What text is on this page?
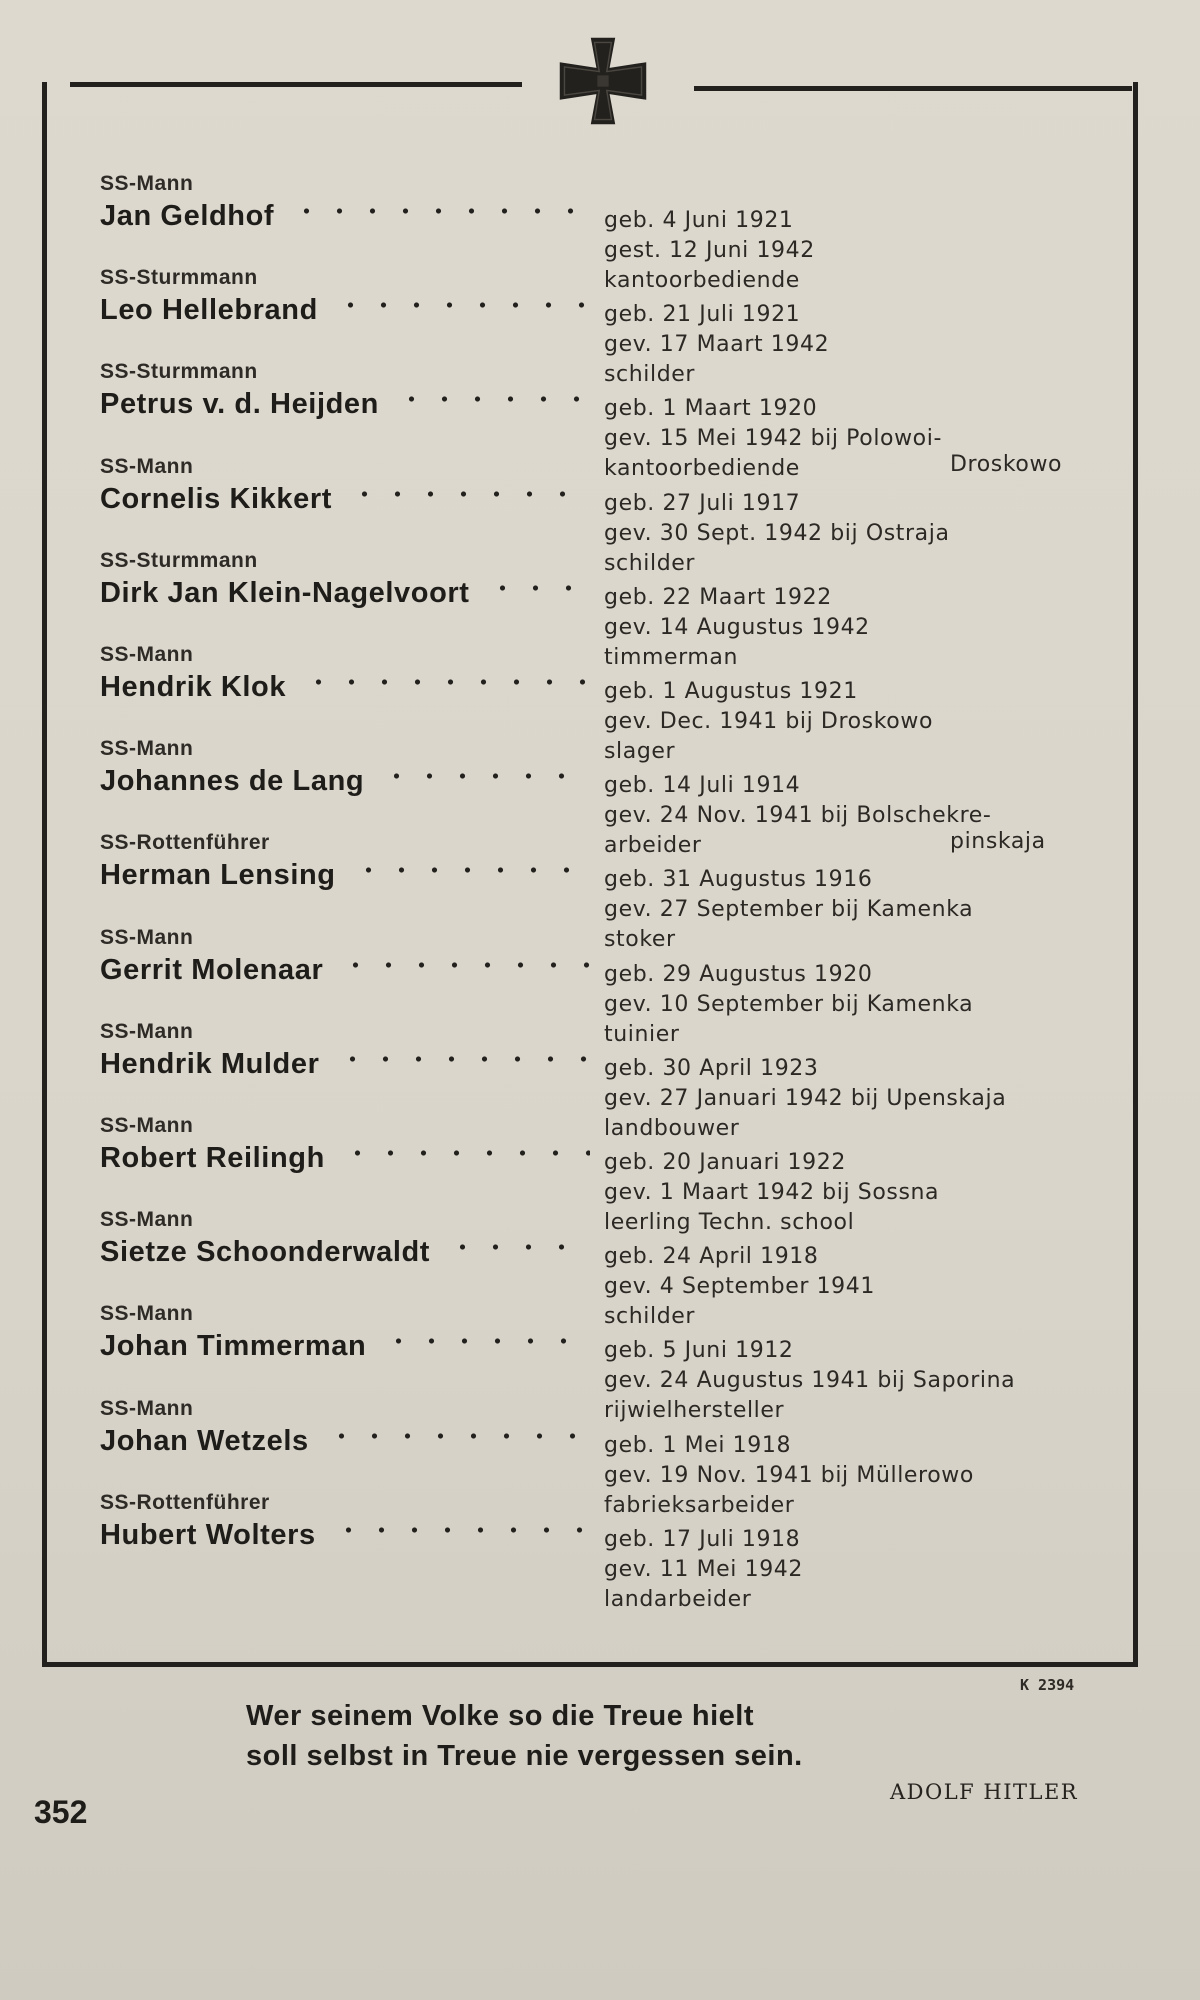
SS-Mann
Jan Geldhof	geb. 4 Juni 1921
gest. 12 Juni 1942
kantoorbediende
SS-Sturmmann
Leo Hellebrand	geb. 21 Juli 1921
gev. 17 Maart 1942
schilder
SS-Sturmmann
Petrus v. d. Heijden	geb. 1 Maart 1920
gev. 15 Mei 1942 bij Polowoi-
kantoorbediende	Droskowo
SS-Mann
Cornelis Kikkert	geb. 27 Juli 1917
gev. 30 Sept. 1942 bij Ostraja
schilder
SS-Sturmmann
Dirk Jan Klein-Nagelvoort	geb. 22 Maart 1922
gev. 14 Augustus 1942
timmerman
SS-Mann
Hendrik Klok	geb. 1 Augustus 1921
gev. Dec. 1941 bij Droskowo
slager
SS-Mann
Johannes de Lang	geb. 14 Juli 1914
gev. 24 Nov. 1941 bij Bolschekre-
arbeider	pinskaja
SS-Rottenführer
Herman Lensing	geb. 31 Augustus 1916
gev. 27 September bij Kamenka
stoker
SS-Mann
Gerrit Molenaar	geb. 29 Augustus 1920
gev. 10 September bij Kamenka
tuinier
SS-Mann
Hendrik Mulder	geb. 30 April 1923
gev. 27 Januari 1942 bij Upenskaja
landbouwer
SS-Mann
Robert Reilingh	geb. 20 Januari 1922
gev. 1 Maart 1942 bij Sossna
leerling Techn. school
SS-Mann
Sietze Schoonderwaldt	geb. 24 April 1918
gev. 4 September 1941
schilder
SS-Mann
Johan Timmerman	geb. 5 Juni 1912
gev. 24 Augustus 1941 bij Saporina
rijwielhersteller
SS-Mann
Johan Wetzels	geb. 1 Mei 1918
gev. 19 Nov. 1941 bij Müllerowo
fabrieksarbeider
SS-Rottenführer
Hubert Wolters	geb. 17 Juli 1918
gev. 11 Mei 1942
landarbeider
K 2394
Wer seinem Volke so die Treue hielt
soll selbst in Treue nie vergessen sein.
ADOLF HITLER
352
